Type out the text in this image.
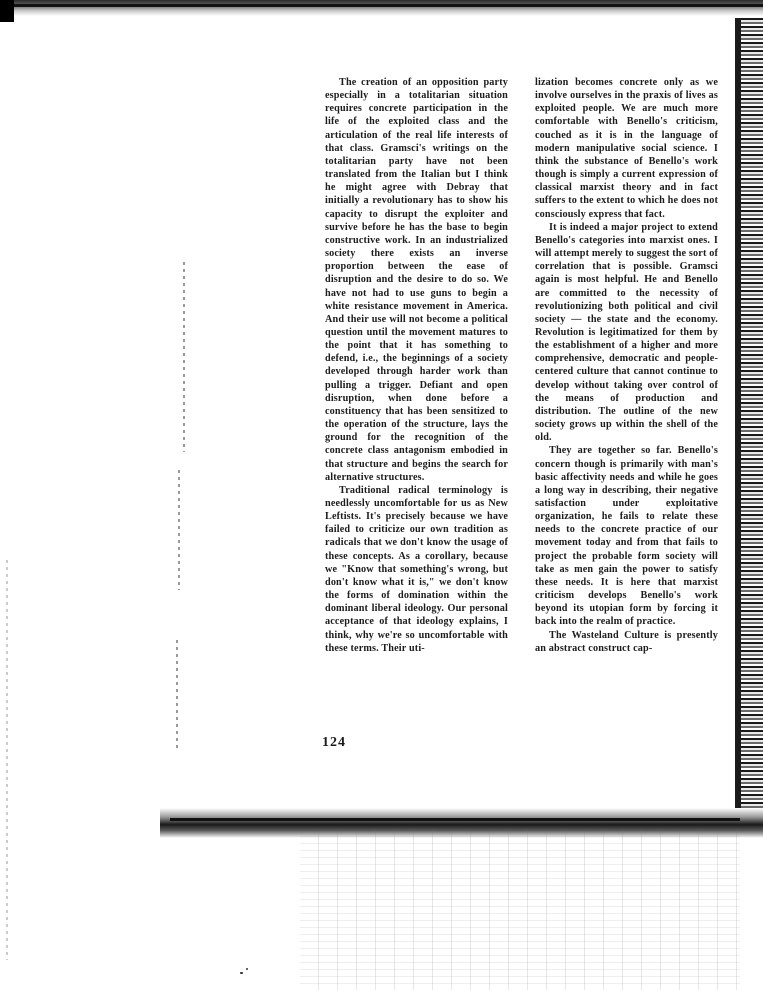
The creation of an opposition party especially in a totalitarian situation requires concrete participation in the life of the exploited class and the articulation of the real life interests of that class. Gramsci's writings on the totalitarian party have not been translated from the Italian but I think he might agree with Debray that initially a revolutionary has to show his capacity to disrupt the exploiter and survive before he has the base to begin constructive work. In an industrialized society there exists an inverse proportion between the ease of disruption and the desire to do so. We have not had to use guns to begin a white resistance movement in America. And their use will not become a political question until the movement matures to the point that it has something to defend, i.e., the beginnings of a society developed through harder work than pulling a trigger. Defiant and open disruption, when done before a constituency that has been sensitized to the operation of the structure, lays the ground for the recognition of the concrete class antagonism embodied in that structure and begins the search for alternative structures.

Traditional radical terminology is needlessly uncomfortable for us as New Leftists. It's precisely because we have failed to criticize our own tradition as radicals that we don't know the usage of these concepts. As a corollary, because we "Know that something's wrong, but don't know what it is," we don't know the forms of domination within the dominant liberal ideology. Our personal acceptance of that ideology explains, I think, why we're so uncomfortable with these terms. Their uti-

lization becomes concrete only as we involve ourselves in the praxis of lives as exploited people. We are much more comfortable with Benello's criticism, couched as it is in the language of modern manipulative social science. I think the substance of Benello's work though is simply a current expression of classical marxist theory and in fact suffers to the extent to which he does not consciously express that fact.

It is indeed a major project to extend Benello's categories into marxist ones. I will attempt merely to suggest the sort of correlation that is possible. Gramsci again is most helpful. He and Benello are committed to the necessity of revolutionizing both political and civil society — the state and the economy. Revolution is legitimatized for them by the establishment of a higher and more comprehensive, democratic and people-centered culture that cannot continue to develop without taking over control of the means of production and distribution. The outline of the new society grows up within the shell of the old.

They are together so far. Benello's concern though is primarily with man's basic affectivity needs and while he goes a long way in describing, their negative satisfaction under exploitative organization, he fails to relate these needs to the concrete practice of our movement today and from that fails to project the probable form society will take as men gain the power to satisfy these needs. It is here that marxist criticism develops Benello's work beyond its utopian form by forcing it back into the realm of practice.

The Wasteland Culture is presently an abstract construct cap-

124
